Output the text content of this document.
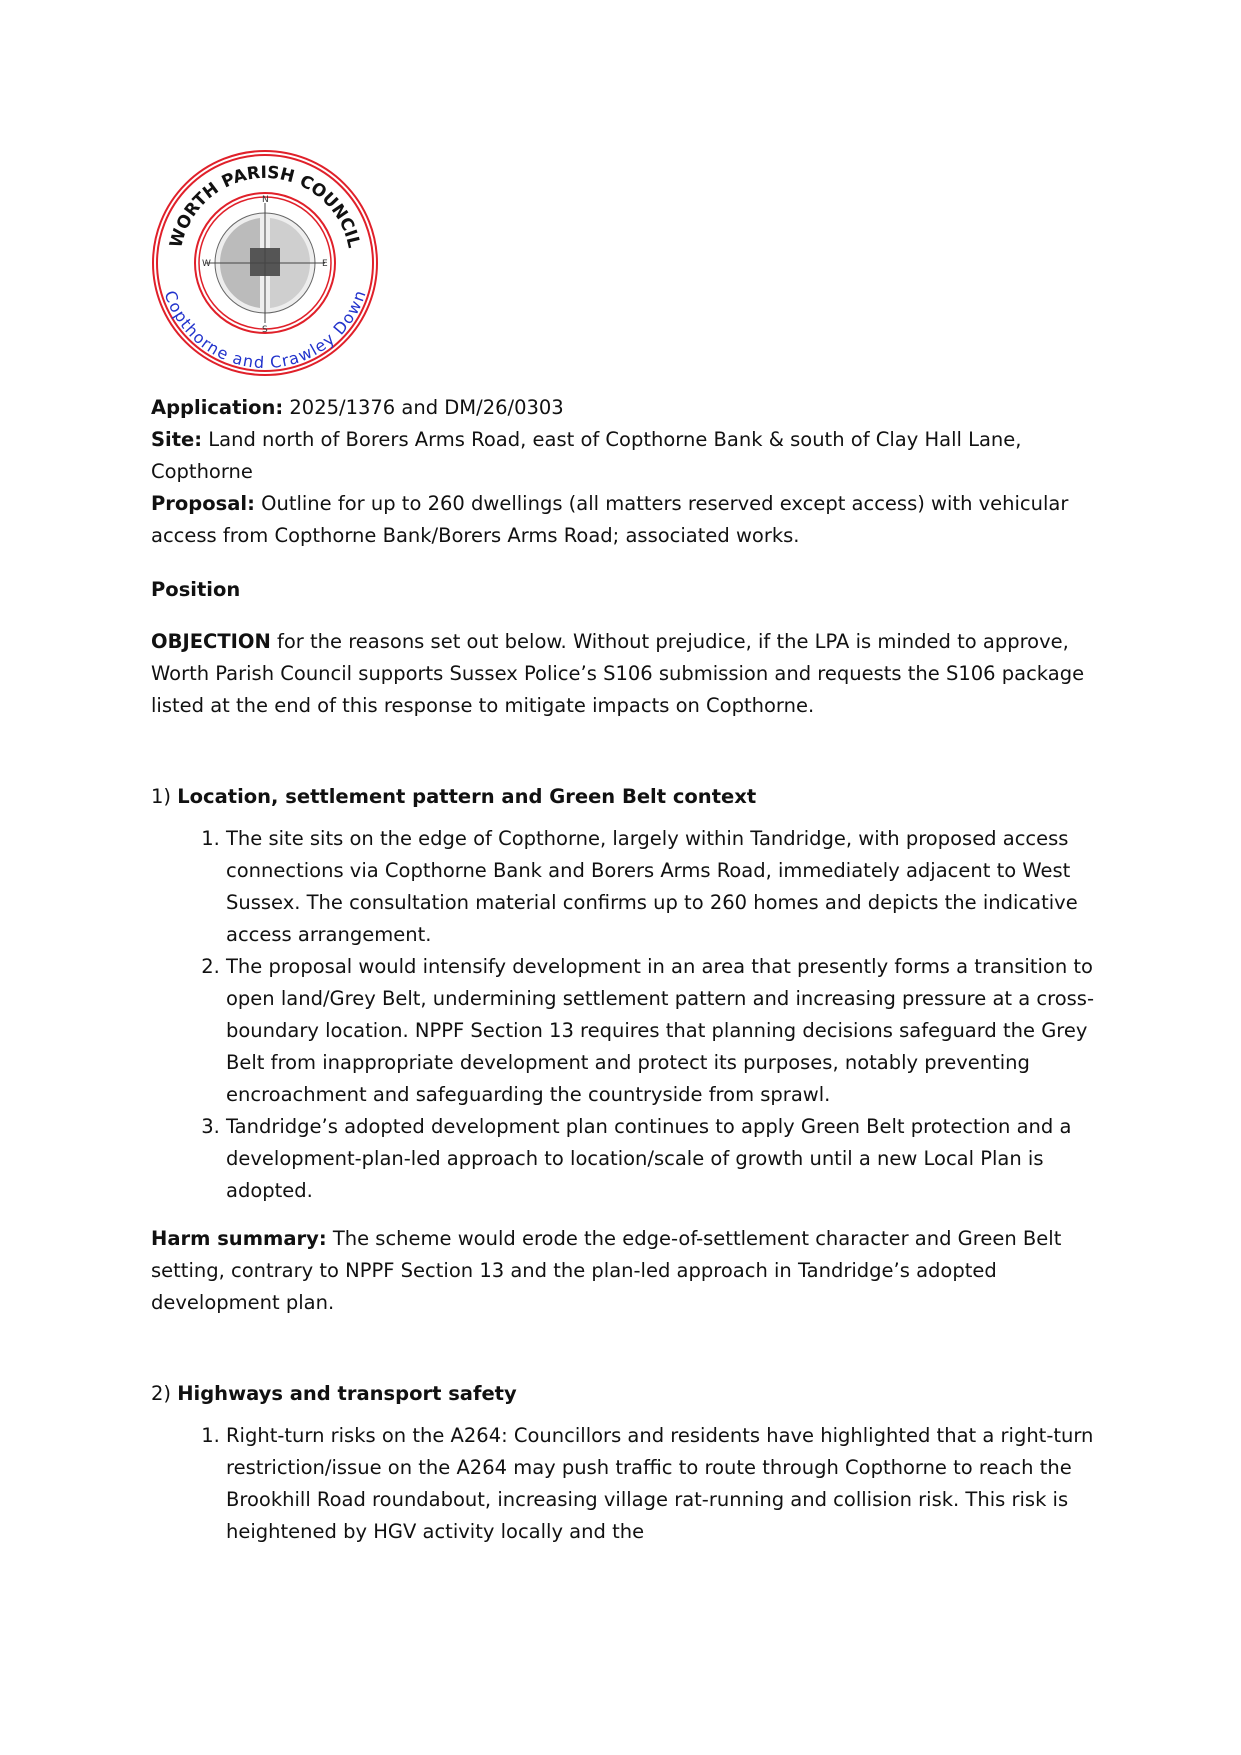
N
S
W	E
WORTH PARISH COUNCIL
Copthorne and Crawley Down

Application: 2025/1376 and DM/26/0303

Site: Land north of Borers Arms Road, east of Copthorne Bank & south of Clay Hall Lane, Copthorne

Proposal: Outline for up to 260 dwellings (all matters reserved except access) with vehicular access from Copthorne Bank/Borers Arms Road; associated works.

Position

OBJECTION for the reasons set out below. Without prejudice, if the LPA is minded to approve, Worth Parish Council supports Sussex Police’s S106 submission and requests the S106 package listed at the end of this response to mitigate impacts on Copthorne.

1) Location, settlement pattern and Green Belt context

1. The site sits on the edge of Copthorne, largely within Tandridge, with proposed access connections via Copthorne Bank and Borers Arms Road, immediately adjacent to West Sussex. The consultation material confirms up to 260 homes and depicts the indicative access arrangement.
2. The proposal would intensify development in an area that presently forms a transition to open land/Grey Belt, undermining settlement pattern and increasing pressure at a cross-boundary location. NPPF Section 13 requires that planning decisions safeguard the Grey Belt from inappropriate development and protect its purposes, notably preventing encroachment and safeguarding the countryside from sprawl.
3. Tandridge’s adopted development plan continues to apply Green Belt protection and a development-plan-led approach to location/scale of growth until a new Local Plan is adopted.

Harm summary: The scheme would erode the edge-of-settlement character and Green Belt setting, contrary to NPPF Section 13 and the plan-led approach in Tandridge’s adopted development plan.

2) Highways and transport safety

1. Right-turn risks on the A264: Councillors and residents have highlighted that a right-turn restriction/issue on the A264 may push traffic to route through Copthorne to reach the Brookhill Road roundabout, increasing village rat-running and collision risk. This risk is heightened by HGV activity locally and the
